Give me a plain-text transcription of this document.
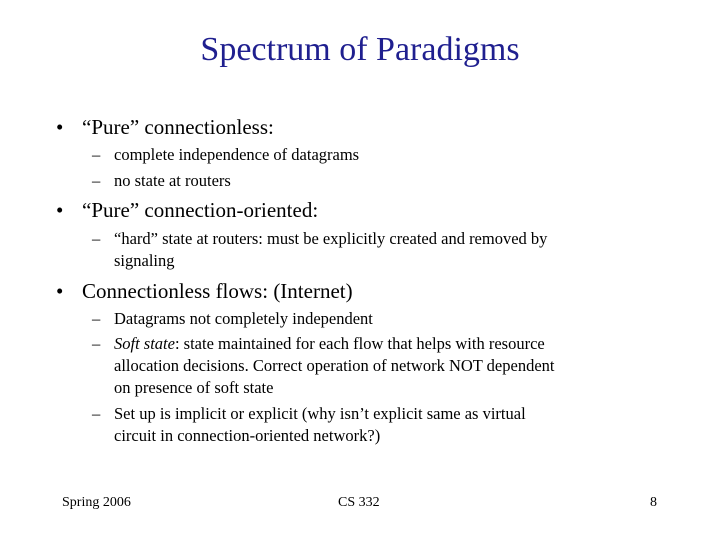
Spectrum of Paradigms
• “Pure” connectionless:
– complete independence of datagrams
– no state at routers
• “Pure” connection-oriented:
– “hard” state at routers: must be explicitly created and removed by
signaling
• Connectionless flows: (Internet)
– Datagrams not completely independent
– Soft state: state maintained for each flow that helps with resource
allocation decisions. Correct operation of network NOT dependent
on presence of soft state
– Set up is implicit or explicit (why isn’t explicit same as virtual
circuit in connection-oriented network?)
Spring 2006	CS 332	8
